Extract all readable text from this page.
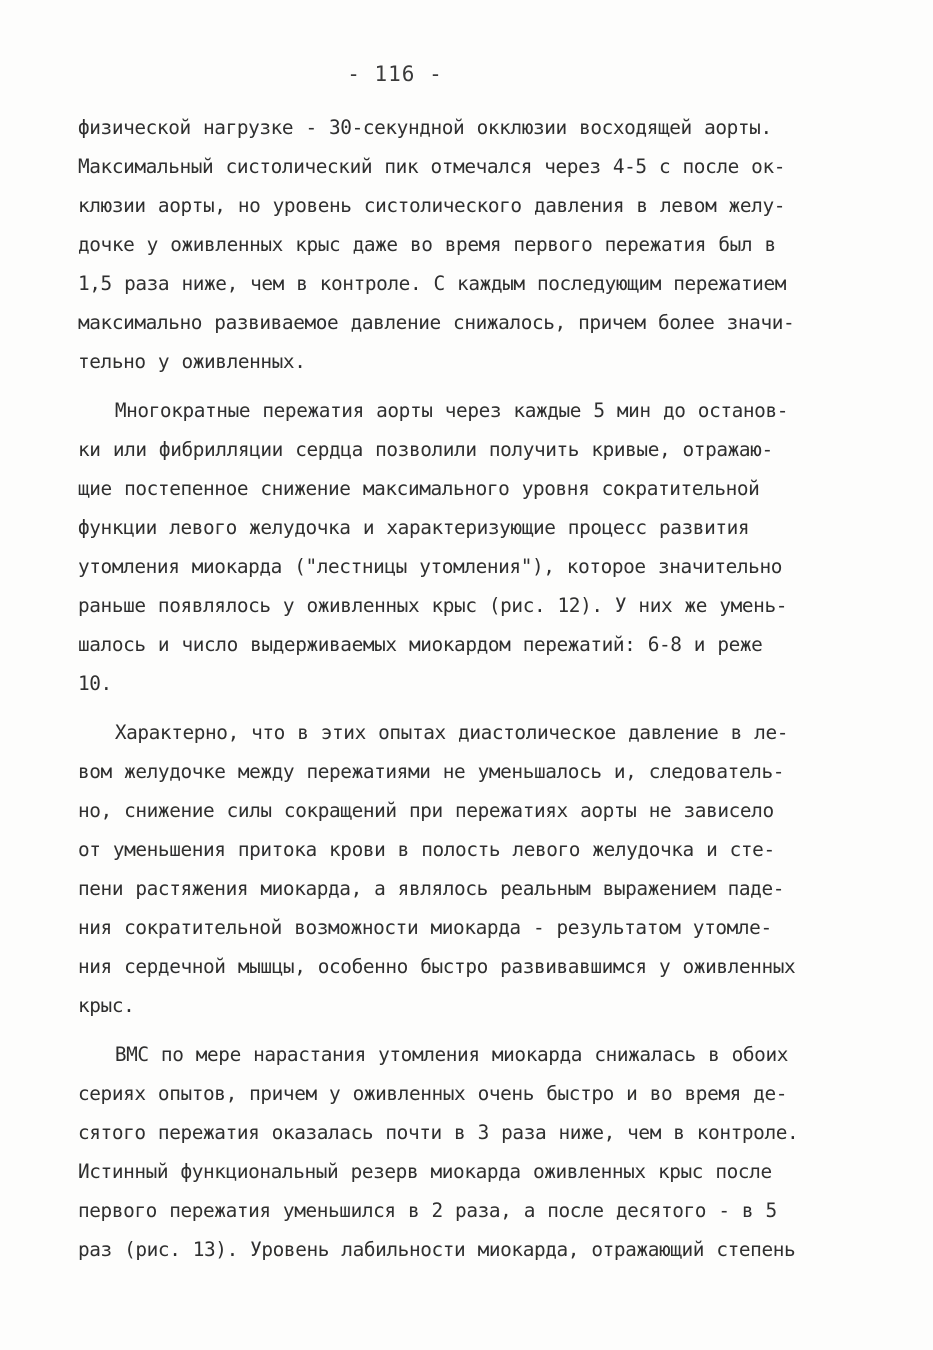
- 116 -
физической нагрузке - 30-секундной окклюзии восходящей аорты.
Максимальный систолический пик отмечался через 4-5 с после ок-
клюзии аорты, но уровень систолического давления в левом желу-
дочке у оживленных крыс даже во время первого пережатия был в
1,5 раза ниже, чем в контроле. С каждым последующим пережатием
максимально развиваемое давление снижалось, причем более значи-
тельно у оживленных.
Многократные пережатия аорты через каждые 5 мин до останов-
ки или фибрилляции сердца позволили получить кривые, отражаю-
щие постепенное снижение максимального уровня сократительной
функции левого желудочка и характеризующие процесс развития
утомления миокарда ("лестницы утомления"), которое значительно
раньше появлялось у оживленных крыс (рис. 12). У них же умень-
шалось и число выдерживаемых миокардом пережатий: 6-8 и реже
10.
Характерно, что в этих опытах диастолическое давление в ле-
вом желудочке между пережатиями не уменьшалось и, следователь-
но, снижение силы сокращений при пережатиях аорты не зависело
от уменьшения притока крови в полость левого желудочка и сте-
пени растяжения миокарда, а являлось реальным выражением паде-
ния сократительной возможности миокарда - результатом утомле-
ния сердечной мышцы, особенно быстро развивавшимся у оживленных
крыс.
ВМС по мере нарастания утомления миокарда снижалась в обоих
сериях опытов, причем у оживленных очень быстро и во время де-
сятого пережатия оказалась почти в 3 раза ниже, чем в контроле.
Истинный функциональный резерв миокарда оживленных крыс после
первого пережатия уменьшился в 2 раза, а после десятого - в 5
раз (рис. 13). Уровень лабильности миокарда, отражающий степень
